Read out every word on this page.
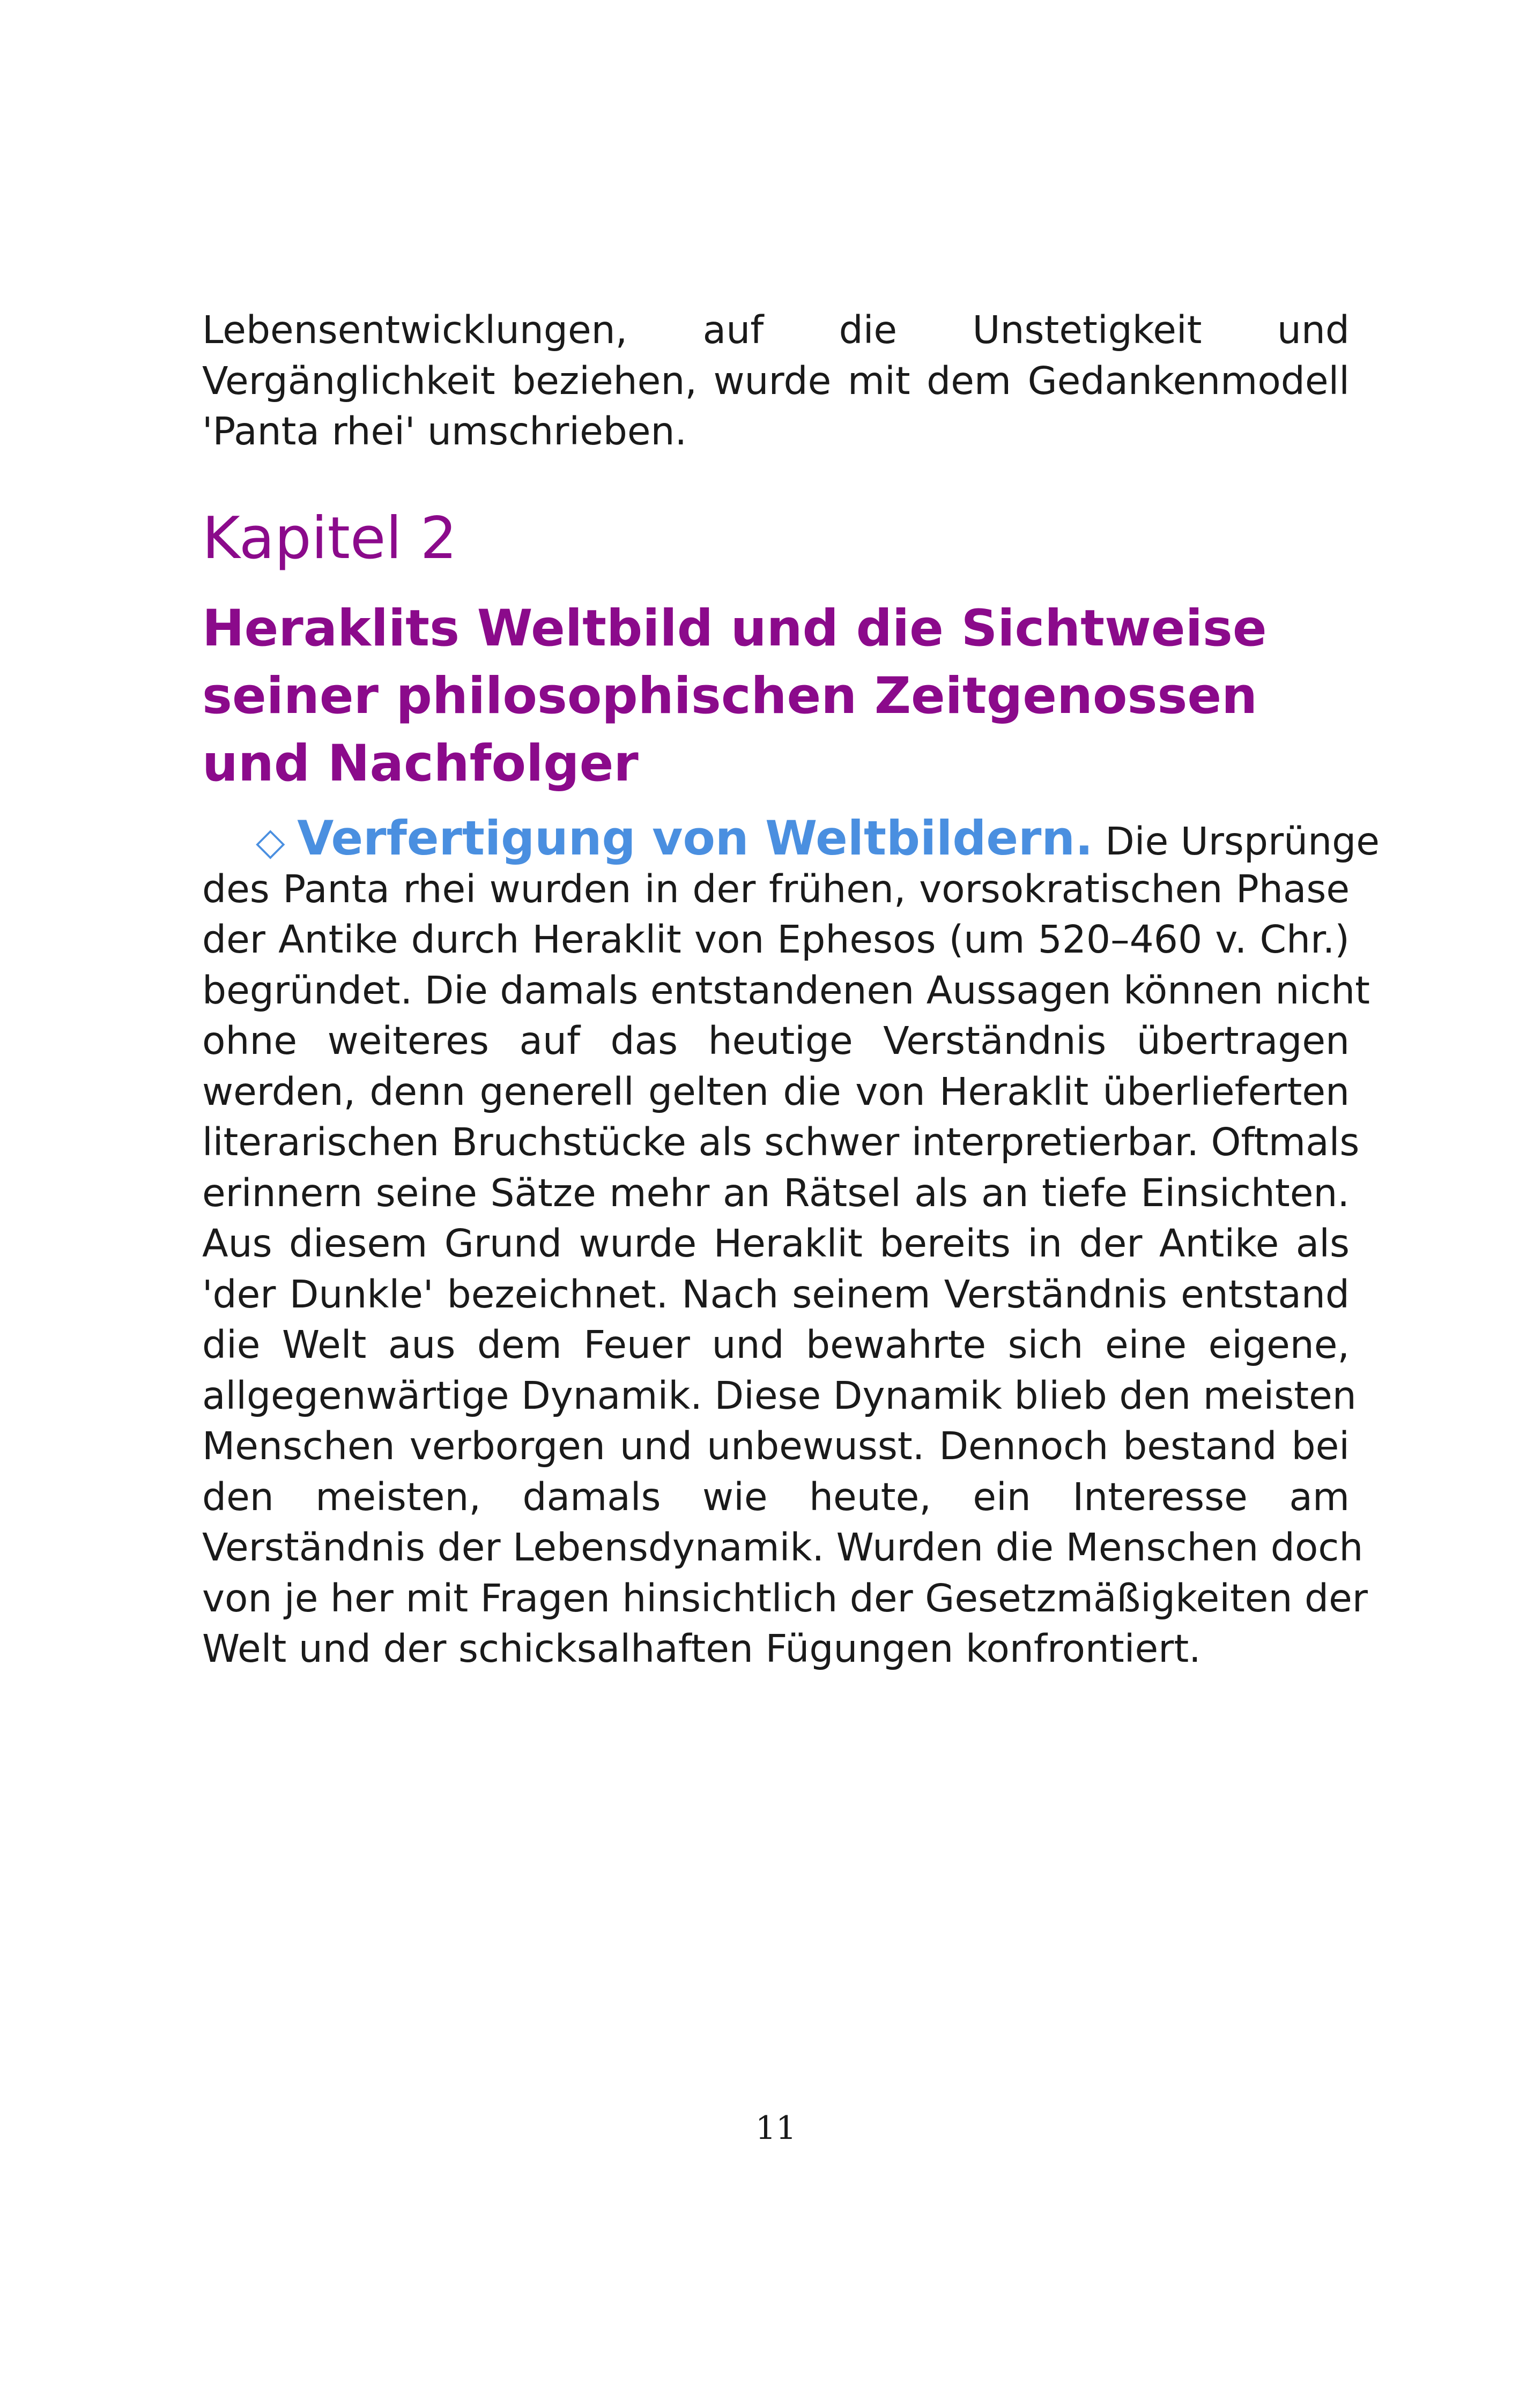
Lebensentwicklungen, auf die Unstetigkeit und
Vergänglichkeit beziehen, wurde mit dem Gedankenmodell
'Panta rhei' umschrieben.
Kapitel 2
Heraklits Weltbild und die Sichtweise
seiner philosophischen Zeitgenossen
und Nachfolger
◇ Verfertigung von Weltbildern. Die Ursprünge
des Panta rhei wurden in der frühen, vorsokratischen Phase
der Antike durch Heraklit von Ephesos (um 520–460 v. Chr.)
begründet. Die damals entstandenen Aussagen können nicht
ohne weiteres auf das heutige Verständnis übertragen
werden, denn generell gelten die von Heraklit überlieferten
literarischen Bruchstücke als schwer interpretierbar. Oftmals
erinnern seine Sätze mehr an Rätsel als an tiefe Einsichten.
Aus diesem Grund wurde Heraklit bereits in der Antike als
'der Dunkle' bezeichnet. Nach seinem Verständnis entstand
die Welt aus dem Feuer und bewahrte sich eine eigene,
allgegenwärtige Dynamik. Diese Dynamik blieb den meisten
Menschen verborgen und unbewusst. Dennoch bestand bei
den meisten, damals wie heute, ein Interesse am
Verständnis der Lebensdynamik. Wurden die Menschen doch
von je her mit Fragen hinsichtlich der Gesetzmäßigkeiten der
Welt und der schicksalhaften Fügungen konfrontiert.
11
